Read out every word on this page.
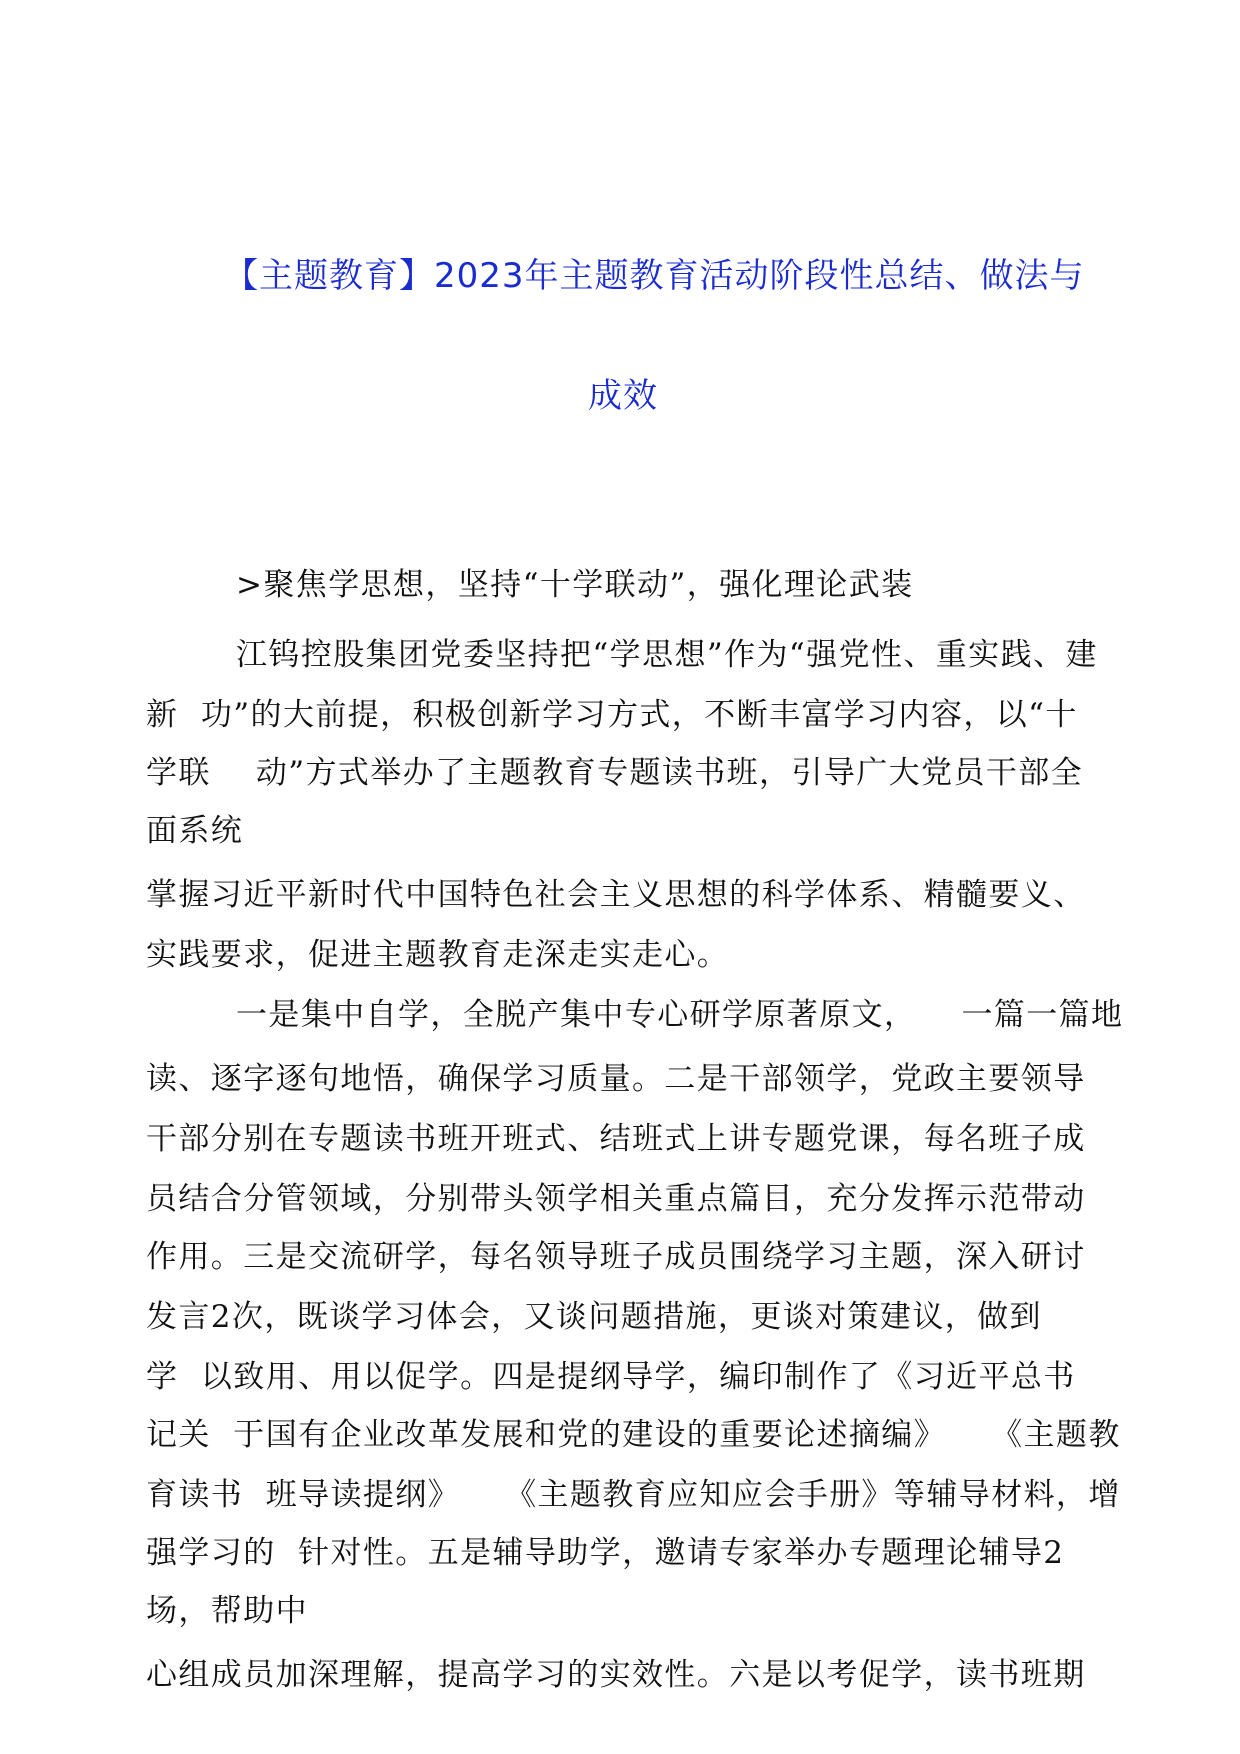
【主题教育】2023年主题教育活动阶段性总结、做法与
成效
>聚焦学思想，坚持“十学联动”，强化理论武装
江钨控股集团党委坚持把“学思想”作为“强党性、重实践、建
新  功”的大前提，积极创新学习方式，不断丰富学习内容，以“十
学联    动”方式举办了主题教育专题读书班，引导广大党员干部全
面系统
掌握习近平新时代中国特色社会主义思想的科学体系、精髓要义、
实践要求，促进主题教育走深走实走心。
一是集中自学，全脱产集中专心研学原著原文，    一篇一篇地
读、逐字逐句地悟，确保学习质量。二是干部领学，党政主要领导
干部分别在专题读书班开班式、结班式上讲专题党课，每名班子成
员结合分管领域，分别带头领学相关重点篇目，充分发挥示范带动
作用。三是交流研学，每名领导班子成员围绕学习主题，深入研讨
发言2次，既谈学习体会，又谈问题措施，更谈对策建议，做到
学  以致用、用以促学。四是提纲导学，编印制作了《习近平总书
记关  于国有企业改革发展和党的建设的重要论述摘编》    《主题教
育读书  班导读提纲》    《主题教育应知应会手册》等辅导材料，增
强学习的  针对性。五是辅导助学，邀请专家举办专题理论辅导2
场，帮助中
心组成员加深理解，提高学习的实效性。六是以考促学，读书班期
